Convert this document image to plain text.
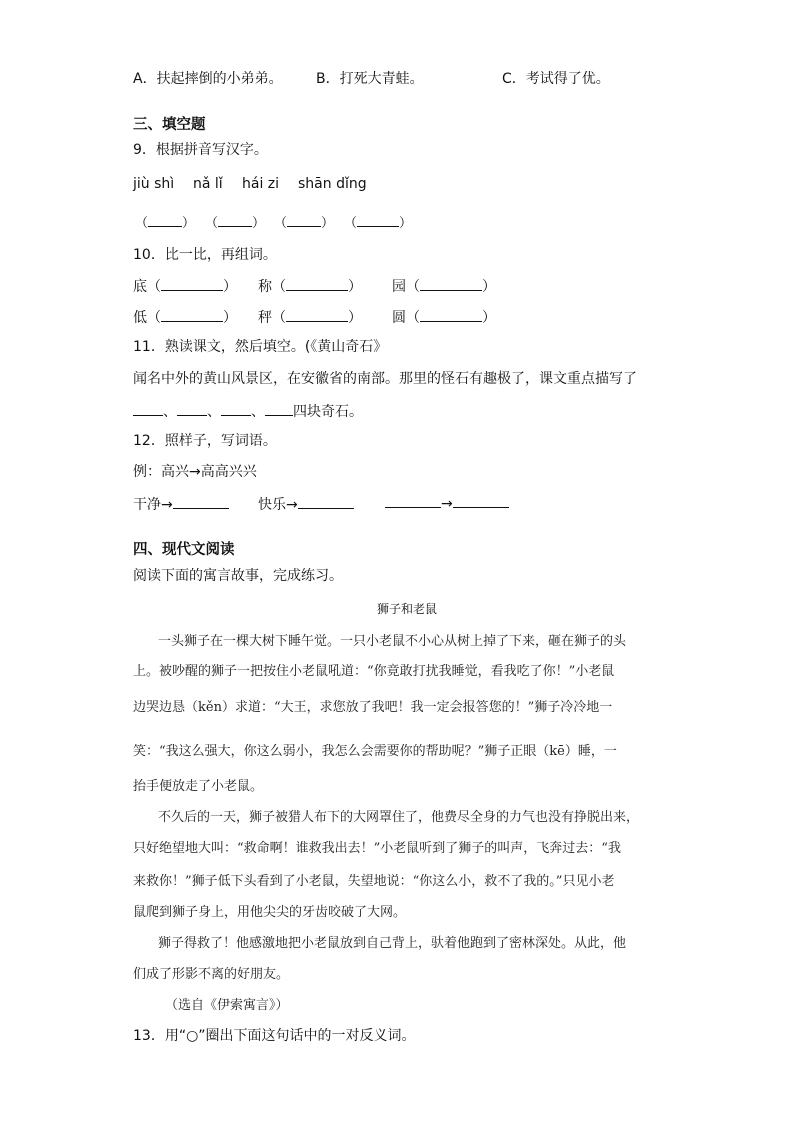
A．扶起摔倒的小弟弟。 B．打死大青蛙。	C．考试得了优。
三、填空题
9．根据拼音写汉字。
jiù shì nǎ lǐ hái zi shān dǐng
（	） （	） （	） （	）
10．比一比，再组词。
底（	） 称（	） 园（	）
低（	） 秤（	） 圆（	）
11．熟读课文，然后填空。(《黄山奇石》
闻名中外的黄山风景区，在安徽省的南部。那里的怪石有趣极了，课文重点描写了
、 、 、 四块奇石。
12．照样子，写词语。
例：高兴→高高兴兴
干净→	快乐→	→
四、现代文阅读
阅读下面的寓言故事，完成练习。
狮子和老鼠
一头狮子在一棵大树下睡午觉。一只小老鼠不小心从树上掉了下来，砸在狮子的头
上。被吵醒的狮子一把按住小老鼠吼道：“你竟敢打扰我睡觉，看我吃了你！”小老鼠
边哭边恳（kěn）求道：“大王，求您放了我吧！我一定会报答您的！”狮子冷冷地一
笑：“我这么强大，你这么弱小，我怎么会需要你的帮助呢？”狮子正眼（kē）睡，一
抬手便放走了小老鼠。
不久后的一天，狮子被猎人布下的大网罩住了，他费尽全身的力气也没有挣脱出来，
只好绝望地大叫：“救命啊！谁救我出去！”小老鼠听到了狮子的叫声，飞奔过去：“我
来救你！”狮子低下头看到了小老鼠，失望地说：“你这么小，救不了我的。”只见小老
鼠爬到狮子身上，用他尖尖的牙齿咬破了大网。
狮子得救了！他感激地把小老鼠放到自己背上，驮着他跑到了密林深处。从此，他
们成了形影不离的好朋友。
（选自《伊索寓言》）
13．用“○”圈出下面这句话中的一对反义词。
